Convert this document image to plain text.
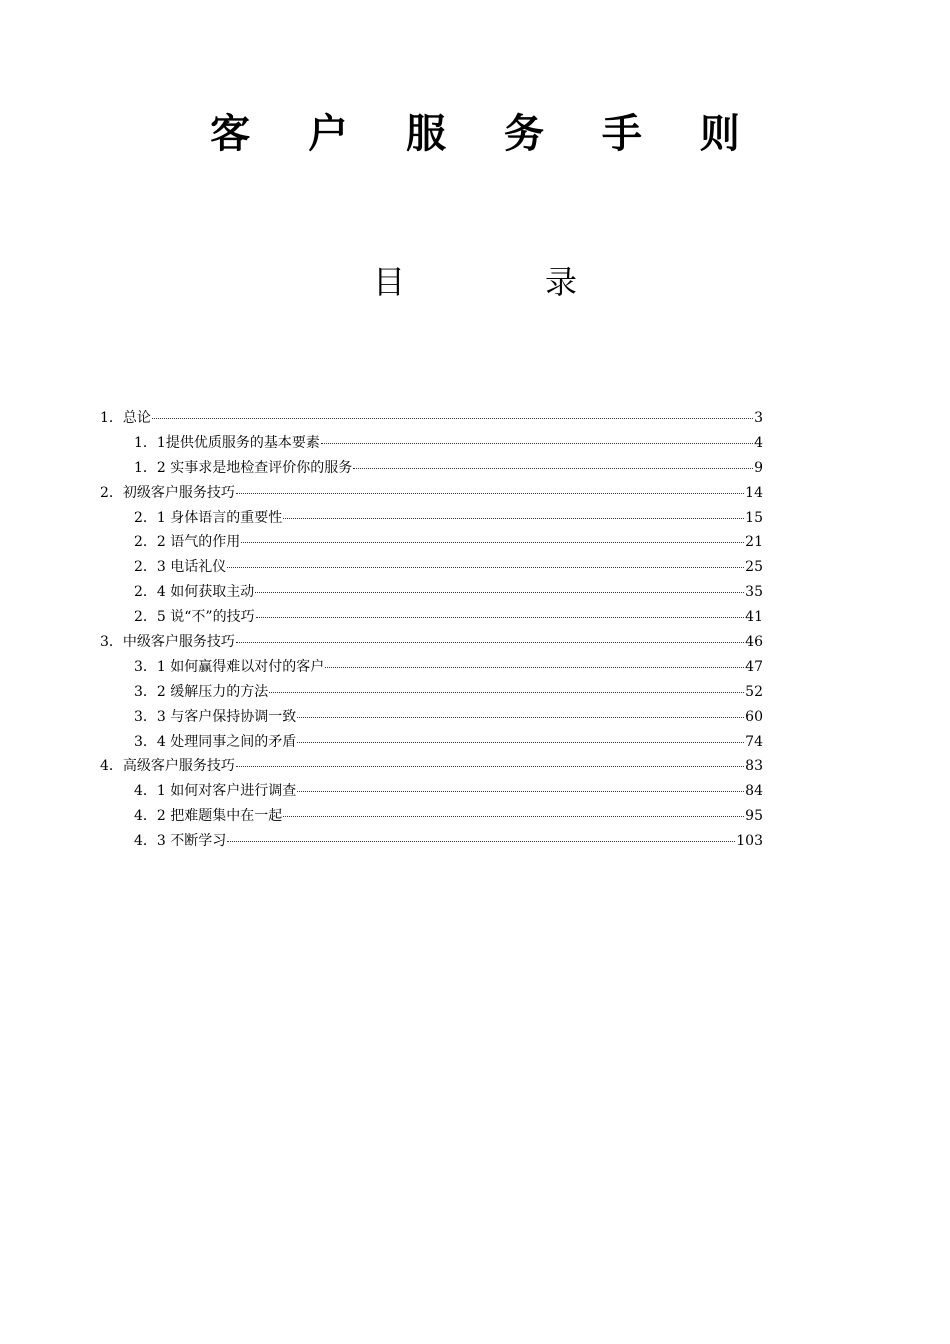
客 户 服 务 手 则
目	录
1．总论	3
1．1提供优质服务的基本要素	4
1．2 实事求是地检查评价你的服务	9
2．初级客户服务技巧	14
2．1 身体语言的重要性	15
2．2 语气的作用	21
2．3 电话礼仪	25
2．4 如何获取主动	35
2．5 说“不”的技巧	41
3．中级客户服务技巧	46
3．1 如何赢得难以对付的客户	47
3．2 缓解压力的方法	52
3．3 与客户保持协调一致	60
3．4 处理同事之间的矛盾	74
4．高级客户服务技巧	83
4．1 如何对客户进行调查	84
4．2 把难题集中在一起	95
4．3 不断学习	103
